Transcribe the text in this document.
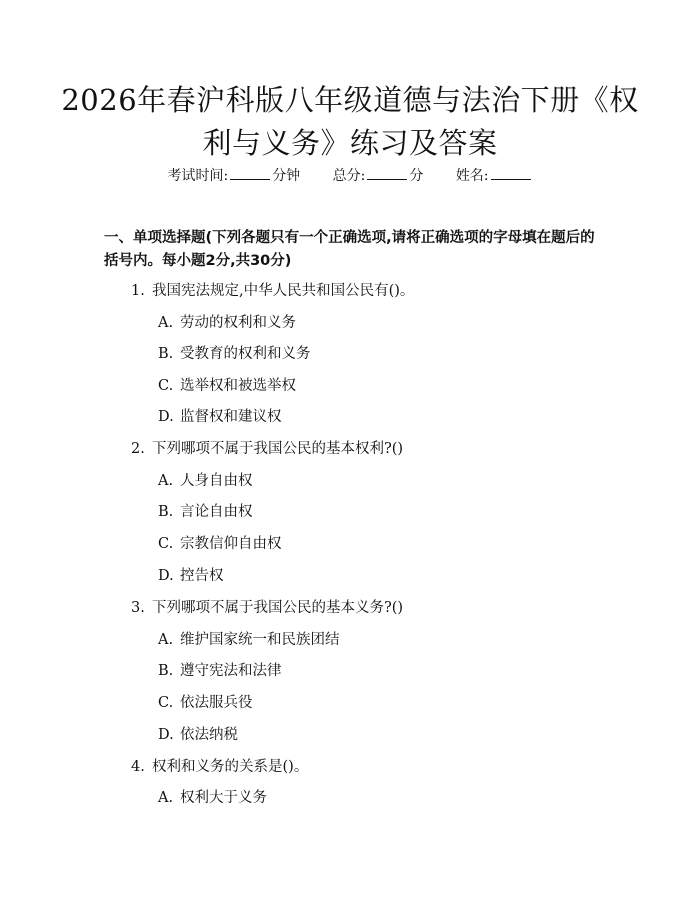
2026年春沪科版八年级道德与法治下册《权
利与义务》练习及答案
考试时间:	分钟 总分:	分 姓名:
一、单项选择题(下列各题只有一个正确选项,请将正确选项的字母填在题后的
括号内。每小题2分,共30分)
1. 我国宪法规定,中华人民共和国公民有()。
A. 劳动的权利和义务
B. 受教育的权利和义务
C. 选举权和被选举权
D. 监督权和建议权
2. 下列哪项不属于我国公民的基本权利?()
A. 人身自由权
B. 言论自由权
C. 宗教信仰自由权
D. 控告权
3. 下列哪项不属于我国公民的基本义务?()
A. 维护国家统一和民族团结
B. 遵守宪法和法律
C. 依法服兵役
D. 依法纳税
4. 权利和义务的关系是()。
A. 权利大于义务
